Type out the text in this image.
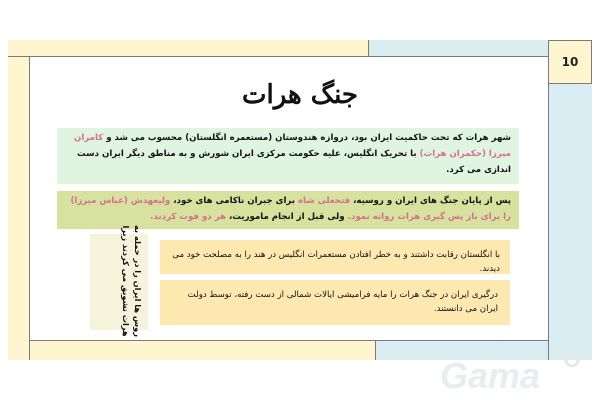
10
جنگ هرات
شهر هرات که تحت حاکمیت ایران بود، دروازه هندوستان (مستعمره انگلستان) محسوب می شد و کامران میرزا (حکمران هرات) با تحریک انگلیس، علیه حکومت مرکزی ایران شورش و به مناطق دیگر ایران دست اندازی می کرد.
پس از پایان جنگ های ایران و روسیه، فتحعلی شاه برای جبران ناکامی های خود، ولیعهدش (عباس میرزا) را برای باز پس گیری هرات روانه نمود. ولی قبل از انجام ماموریت، هر دو فوت کردند.
با انگلستان رقابت داشتند و به خطر افتادن مستعمرات انگلیس در هند را به مصلحت خود می دیدند.
درگیری ایران در جنگ هرات را مایه فرامیشی ایالات شمالی از دست رفته، توسط دولت ایران می دانستند.
روس ها ایران را در حمله به هرات تشویق می کردند زیرا
Gama
